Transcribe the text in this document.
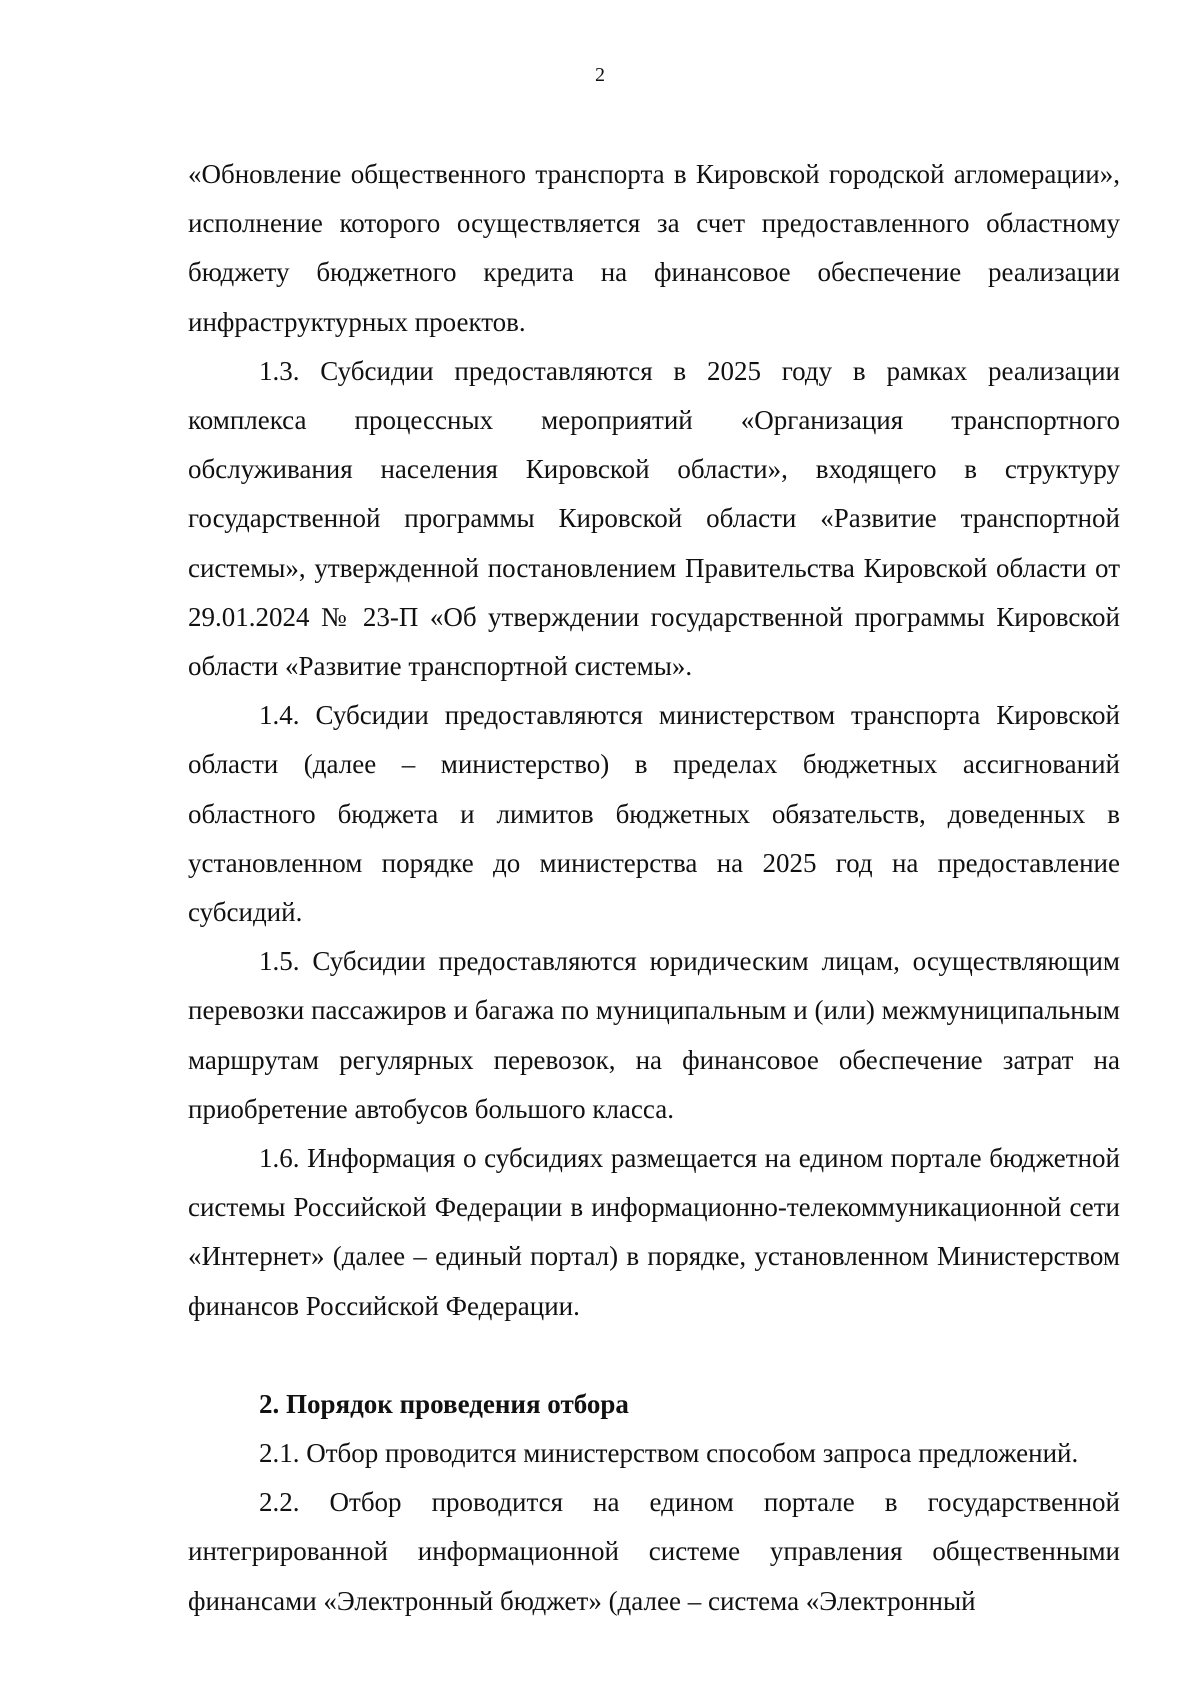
2

«Обновление общественного транспорта в Кировской городской агломерации», исполнение которого осуществляется за счет предоставленного областному бюджету бюджетного кредита на финансовое обеспечение реализации инфраструктурных проектов.

1.3. Субсидии предоставляются в 2025 году в рамках реализации комплекса процессных мероприятий «Организация транспортного обслуживания населения Кировской области», входящего в структуру государственной программы Кировской области «Развитие транспортной системы», утвержденной постановлением Правительства Кировской области от 29.01.2024 № 23-П «Об утверждении государственной программы Кировской области «Развитие транспортной системы».

1.4. Субсидии предоставляются министерством транспорта Кировской области (далее – министерство) в пределах бюджетных ассигнований областного бюджета и лимитов бюджетных обязательств, доведенных в установленном порядке до министерства на 2025 год на предоставление субсидий.

1.5. Субсидии предоставляются юридическим лицам, осуществляющим перевозки пассажиров и багажа по муниципальным и (или) межмуниципальным маршрутам регулярных перевозок, на финансовое обеспечение затрат на приобретение автобусов большого класса.

1.6. Информация о субсидиях размещается на едином портале бюджетной системы Российской Федерации в информационно-телекоммуникационной сети «Интернет» (далее – единый портал) в порядке, установленном Министерством финансов Российской Федерации.

2. Порядок проведения отбора

2.1. Отбор проводится министерством способом запроса предложений.

2.2. Отбор проводится на едином портале в государственной интегрированной информационной системе управления общественными финансами «Электронный бюджет» (далее – система «Электронный
